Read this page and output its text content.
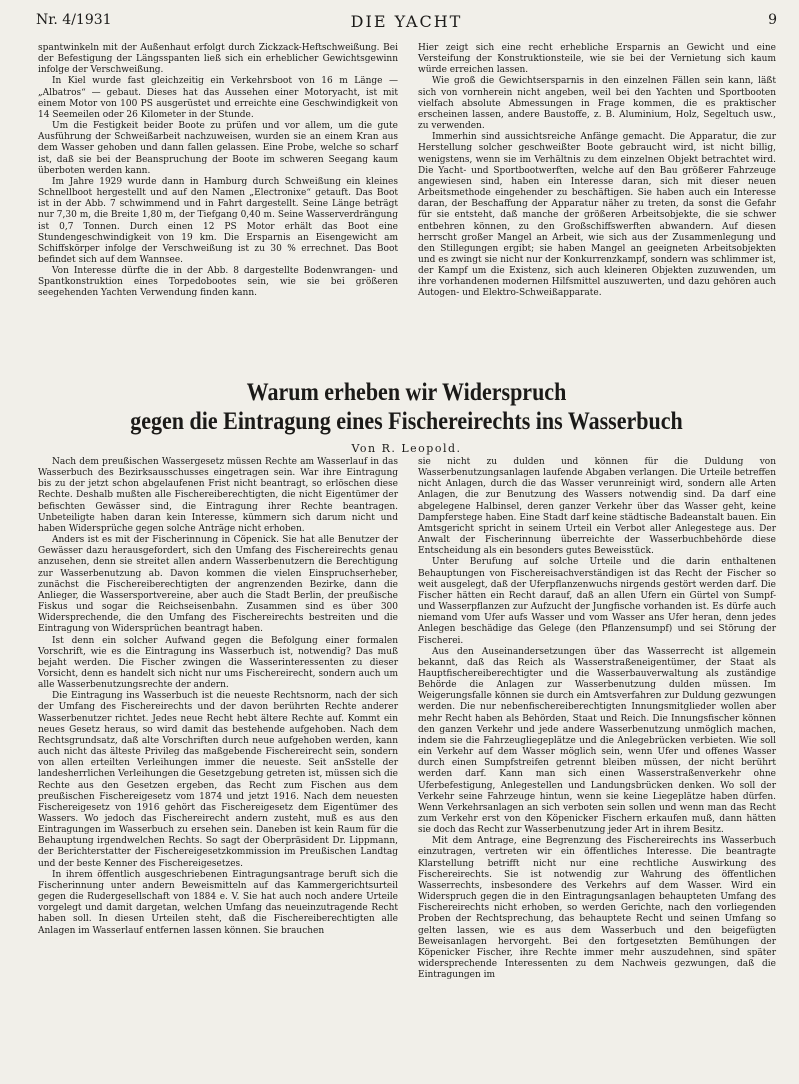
Nr. 4/1931	DIE YACHT	9

spantwinkeln mit der Außenhaut erfolgt durch Zickzack-Heftschweißung. Bei der Befestigung der Längsspanten ließ sich ein erheblicher Gewichtsgewinn infolge der Verschweißung.

In Kiel wurde fast gleichzeitig ein Verkehrsboot von 16 m Länge — „Albatros“ — gebaut. Dieses hat das Aussehen einer Motoryacht, ist mit einem Motor von 100 PS ausgerüstet und erreichte eine Geschwindigkeit von 14 Seemeilen oder 26 Kilometer in der Stunde.

Um die Festigkeit beider Boote zu prüfen und vor allem, um die gute Ausführung der Schweißarbeit nachzuweisen, wurden sie an einem Kran aus dem Wasser gehoben und dann fallen gelassen. Eine Probe, welche so scharf ist, daß sie bei der Beanspruchung der Boote im schweren Seegang kaum überboten werden kann.

Im Jahre 1929 wurde dann in Hamburg durch Schweißung ein kleines Schnellboot hergestellt und auf den Namen „Electronixe“ getauft. Das Boot ist in der Abb. 7 schwimmend und in Fahrt dargestellt. Seine Länge beträgt nur 7,30 m, die Breite 1,80 m, der Tiefgang 0,40 m. Seine Wasserverdrängung ist 0,7 Tonnen. Durch einen 12 PS Motor erhält das Boot eine Stundengeschwindigkeit von 19 km. Die Ersparnis an Eisengewicht am Schiffskörper infolge der Verschweißung ist zu 30 % errechnet. Das Boot befindet sich auf dem Wannsee.

Von Interesse dürfte die in der Abb. 8 dargestellte Bodenwrangen- und Spantkonstruktion eines Torpedobootes sein, wie sie bei größeren seegehenden Yachten Verwendung finden kann.

Hier zeigt sich eine recht erhebliche Ersparnis an Gewicht und eine Versteifung der Konstruktionsteile, wie sie bei der Vernietung sich kaum würde erreichen lassen.

Wie groß die Gewichtsersparnis in den einzelnen Fällen sein kann, läßt sich von vornherein nicht angeben, weil bei den Yachten und Sportbooten vielfach absolute Abmessungen in Frage kommen, die es praktischer erscheinen lassen, andere Baustoffe, z. B. Aluminium, Holz, Segeltuch usw., zu verwenden.

Immerhin sind aussichtsreiche Anfänge gemacht. Die Apparatur, die zur Herstellung solcher geschweißter Boote gebraucht wird, ist nicht billig, wenigstens, wenn sie im Verhältnis zu dem einzelnen Objekt betrachtet wird. Die Yacht- und Sportbootwerften, welche auf den Bau größerer Fahrzeuge angewiesen sind, haben ein Interesse daran, sich mit dieser neuen Arbeitsmethode eingehender zu beschäftigen. Sie haben auch ein Interesse daran, der Beschaffung der Apparatur näher zu treten, da sonst die Gefahr für sie entsteht, daß manche der größeren Arbeitsobjekte, die sie schwer entbehren können, zu den Großschiffswerften abwandern. Auf diesen herrscht großer Mangel an Arbeit, wie sich aus der Zusammenlegung und den Stillegungen ergibt; sie haben Mangel an geeigneten Arbeitsobjekten und es zwingt sie nicht nur der Konkurrenzkampf, sondern was schlimmer ist, der Kampf um die Existenz, sich auch kleineren Objekten zuzuwenden, um ihre vorhandenen modernen Hilfsmittel auszuwerten, und dazu gehören auch Autogen- und Elektro-Schweißapparate.

Warum erheben wir Widerspruch
gegen die Eintragung eines Fischereirechts ins Wasserbuch
Von R. Leopold.

Nach dem preußischen Wassergesetz müssen Rechte am Wasserlauf in das Wasserbuch des Bezirksausschusses eingetragen sein. War ihre Eintragung bis zu der jetzt schon abgelaufenen Frist nicht beantragt, so erlöschen diese Rechte. Deshalb mußten alle Fischereiberechtigten, die nicht Eigentümer der befischten Gewässer sind, die Eintragung ihrer Rechte beantragen. Unbeteiligte haben daran kein Interesse, kümmern sich darum nicht und haben Widersprüche gegen solche Anträge nicht erhoben.

Anders ist es mit der Fischerinnung in Cöpenick. Sie hat alle Benutzer der Gewässer dazu herausgefordert, sich den Umfang des Fischereirechts genau anzusehen, denn sie streitet allen andern Wasserbenutzern die Berechtigung zur Wasserbenutzung ab. Davon kommen die vielen Einspruchserheber, zunächst die Fischereiberechtigten der angrenzenden Bezirke, dann die Anlieger, die Wassersportvereine, aber auch die Stadt Berlin, der preußische Fiskus und sogar die Reichseisenbahn. Zusammen sind es über 300 Widersprechende, die den Umfang des Fischereirechts bestreiten und die Eintragung von Widersprüchen beantragt haben.

Ist denn ein solcher Aufwand gegen die Befolgung einer formalen Vorschrift, wie es die Eintragung ins Wasserbuch ist, notwendig? Das muß bejaht werden. Die Fischer zwingen die Wasserinteressenten zu dieser Vorsicht, denn es handelt sich nicht nur ums Fischereirecht, sondern auch um alle Wasserbenutzungsrechte der andern.

Die Eintragung ins Wasserbuch ist die neueste Rechtsnorm, nach der sich der Umfang des Fischereirechts und der davon berührten Rechte anderer Wasserbenutzer richtet. Jedes neue Recht hebt ältere Rechte auf. Kommt ein neues Gesetz heraus, so wird damit das bestehende aufgehoben. Nach dem Rechtsgrundsatz, daß alte Vorschriften durch neue aufgehoben werden, kann auch nicht das älteste Privileg das maßgebende Fischereirecht sein, sondern von allen erteilten Verleihungen immer die neueste. Seit anSstelle der landesherrlichen Verleihungen die Gesetzgebung getreten ist, müssen sich die Rechte aus den Gesetzen ergeben, das Recht zum Fischen aus dem preußischen Fischereigesetz vom 1874 und jetzt 1916. Nach dem neuesten Fischereigesetz von 1916 gehört das Fischereigesetz dem Eigentümer des Wassers. Wo jedoch das Fischereirecht andern zusteht, muß es aus den Eintragungen im Wasserbuch zu ersehen sein. Daneben ist kein Raum für die Behauptung irgendwelchen Rechts. So sagt der Oberpräsident Dr. Lippmann, der Berichterstatter der Fischereigesetzkommission im Preußischen Landtag und der beste Kenner des Fischereigesetzes.

In ihrem öffentlich ausgeschriebenen Eintragungsantrage beruft sich die Fischerinnung unter andern Beweismitteln auf das Kammergerichtsurteil gegen die Rudergesellschaft von 1884 e. V. Sie hat auch noch andere Urteile vorgelegt und damit dargetan, welchen Umfang das neueinzutragende Recht haben soll. In diesen Urteilen steht, daß die Fischereiberechtigten alle Anlagen im Wasserlauf entfernen lassen können. Sie brauchen

sie nicht zu dulden und können für die Duldung von Wasserbenutzungsanlagen laufende Abgaben verlangen. Die Urteile betreffen nicht Anlagen, durch die das Wasser verunreinigt wird, sondern alle Arten Anlagen, die zur Benutzung des Wassers notwendig sind. Da darf eine abgelegene Halbinsel, deren ganzer Verkehr über das Wasser geht, keine Dampferstege haben. Eine Stadt darf keine städtische Badeanstalt bauen. Ein Amtsgericht spricht in seinem Urteil ein Verbot aller Anlegestege aus. Der Anwalt der Fischerinnung überreichte der Wasserbuchbehörde diese Entscheidung als ein besonders gutes Beweisstück.

Unter Berufung auf solche Urteile und die darin enthaltenen Behauptungen von Fischereisachverständigen ist das Recht der Fischer so weit ausgelegt, daß der Uferpflanzenwuchs nirgends gestört werden darf. Die Fischer hätten ein Recht darauf, daß an allen Ufern ein Gürtel von Sumpf- und Wasserpflanzen zur Aufzucht der Jungfische vorhanden ist. Es dürfe auch niemand vom Ufer aufs Wasser und vom Wasser ans Ufer heran, denn jedes Anlegen beschädige das Gelege (den Pflanzensumpf) und sei Störung der Fischerei.

Aus den Auseinandersetzungen über das Wasserrecht ist allgemein bekannt, daß das Reich als Wasserstraßeneigentümer, der Staat als Hauptfischereiberechtigter und die Wasserbauverwaltung als zuständige Behörde die Anlagen zur Wasserbenutzung dulden müssen. Im Weigerungsfalle können sie durch ein Amtsverfahren zur Duldung gezwungen werden. Die nur nebenfischereiberechtigten Innungsmitglieder wollen aber mehr Recht haben als Behörden, Staat und Reich. Die Innungsfischer können den ganzen Verkehr und jede andere Wasserbenutzung unmöglich machen, indem sie die Fahrzeugliegeplätze und die Anlegebrücken verbieten. Wie soll ein Verkehr auf dem Wasser möglich sein, wenn Ufer und offenes Wasser durch einen Sumpfstreifen getrennt bleiben müssen, der nicht berührt werden darf. Kann man sich einen Wasserstraßenverkehr ohne Uferbefestigung, Anlegestellen und Landungsbrücken denken. Wo soll der Verkehr seine Fahrzeuge hintun, wenn sie keine Liegeplätze haben dürfen. Wenn Verkehrsanlagen an sich verboten sein sollen und wenn man das Recht zum Verkehr erst von den Köpenicker Fischern erkaufen muß, dann hätten sie doch das Recht zur Wasserbenutzung jeder Art in ihrem Besitz.

Mit dem Antrage, eine Begrenzung des Fischereirechts ins Wasserbuch einzutragen, vertreten wir ein öffentliches Interesse. Die beantragte Klarstellung betrifft nicht nur eine rechtliche Auswirkung des Fischereirechts. Sie ist notwendig zur Wahrung des öffentlichen Wasserrechts, insbesondere des Verkehrs auf dem Wasser. Wird ein Widerspruch gegen die in den Eintragungsanlagen behaupteten Umfang des Fischereirechts nicht erhoben, so werden Gerichte, nach den vorliegenden Proben der Rechtsprechung, das behauptete Recht und seinen Umfang so gelten lassen, wie es aus dem Wasserbuch und den beigefügten Beweisanlagen hervorgeht. Bei den fortgesetzten Bemühungen der Köpenicker Fischer, ihre Rechte immer mehr auszudehnen, sind später widersprechende Interessenten zu dem Nachweis gezwungen, daß die Eintragungen im
